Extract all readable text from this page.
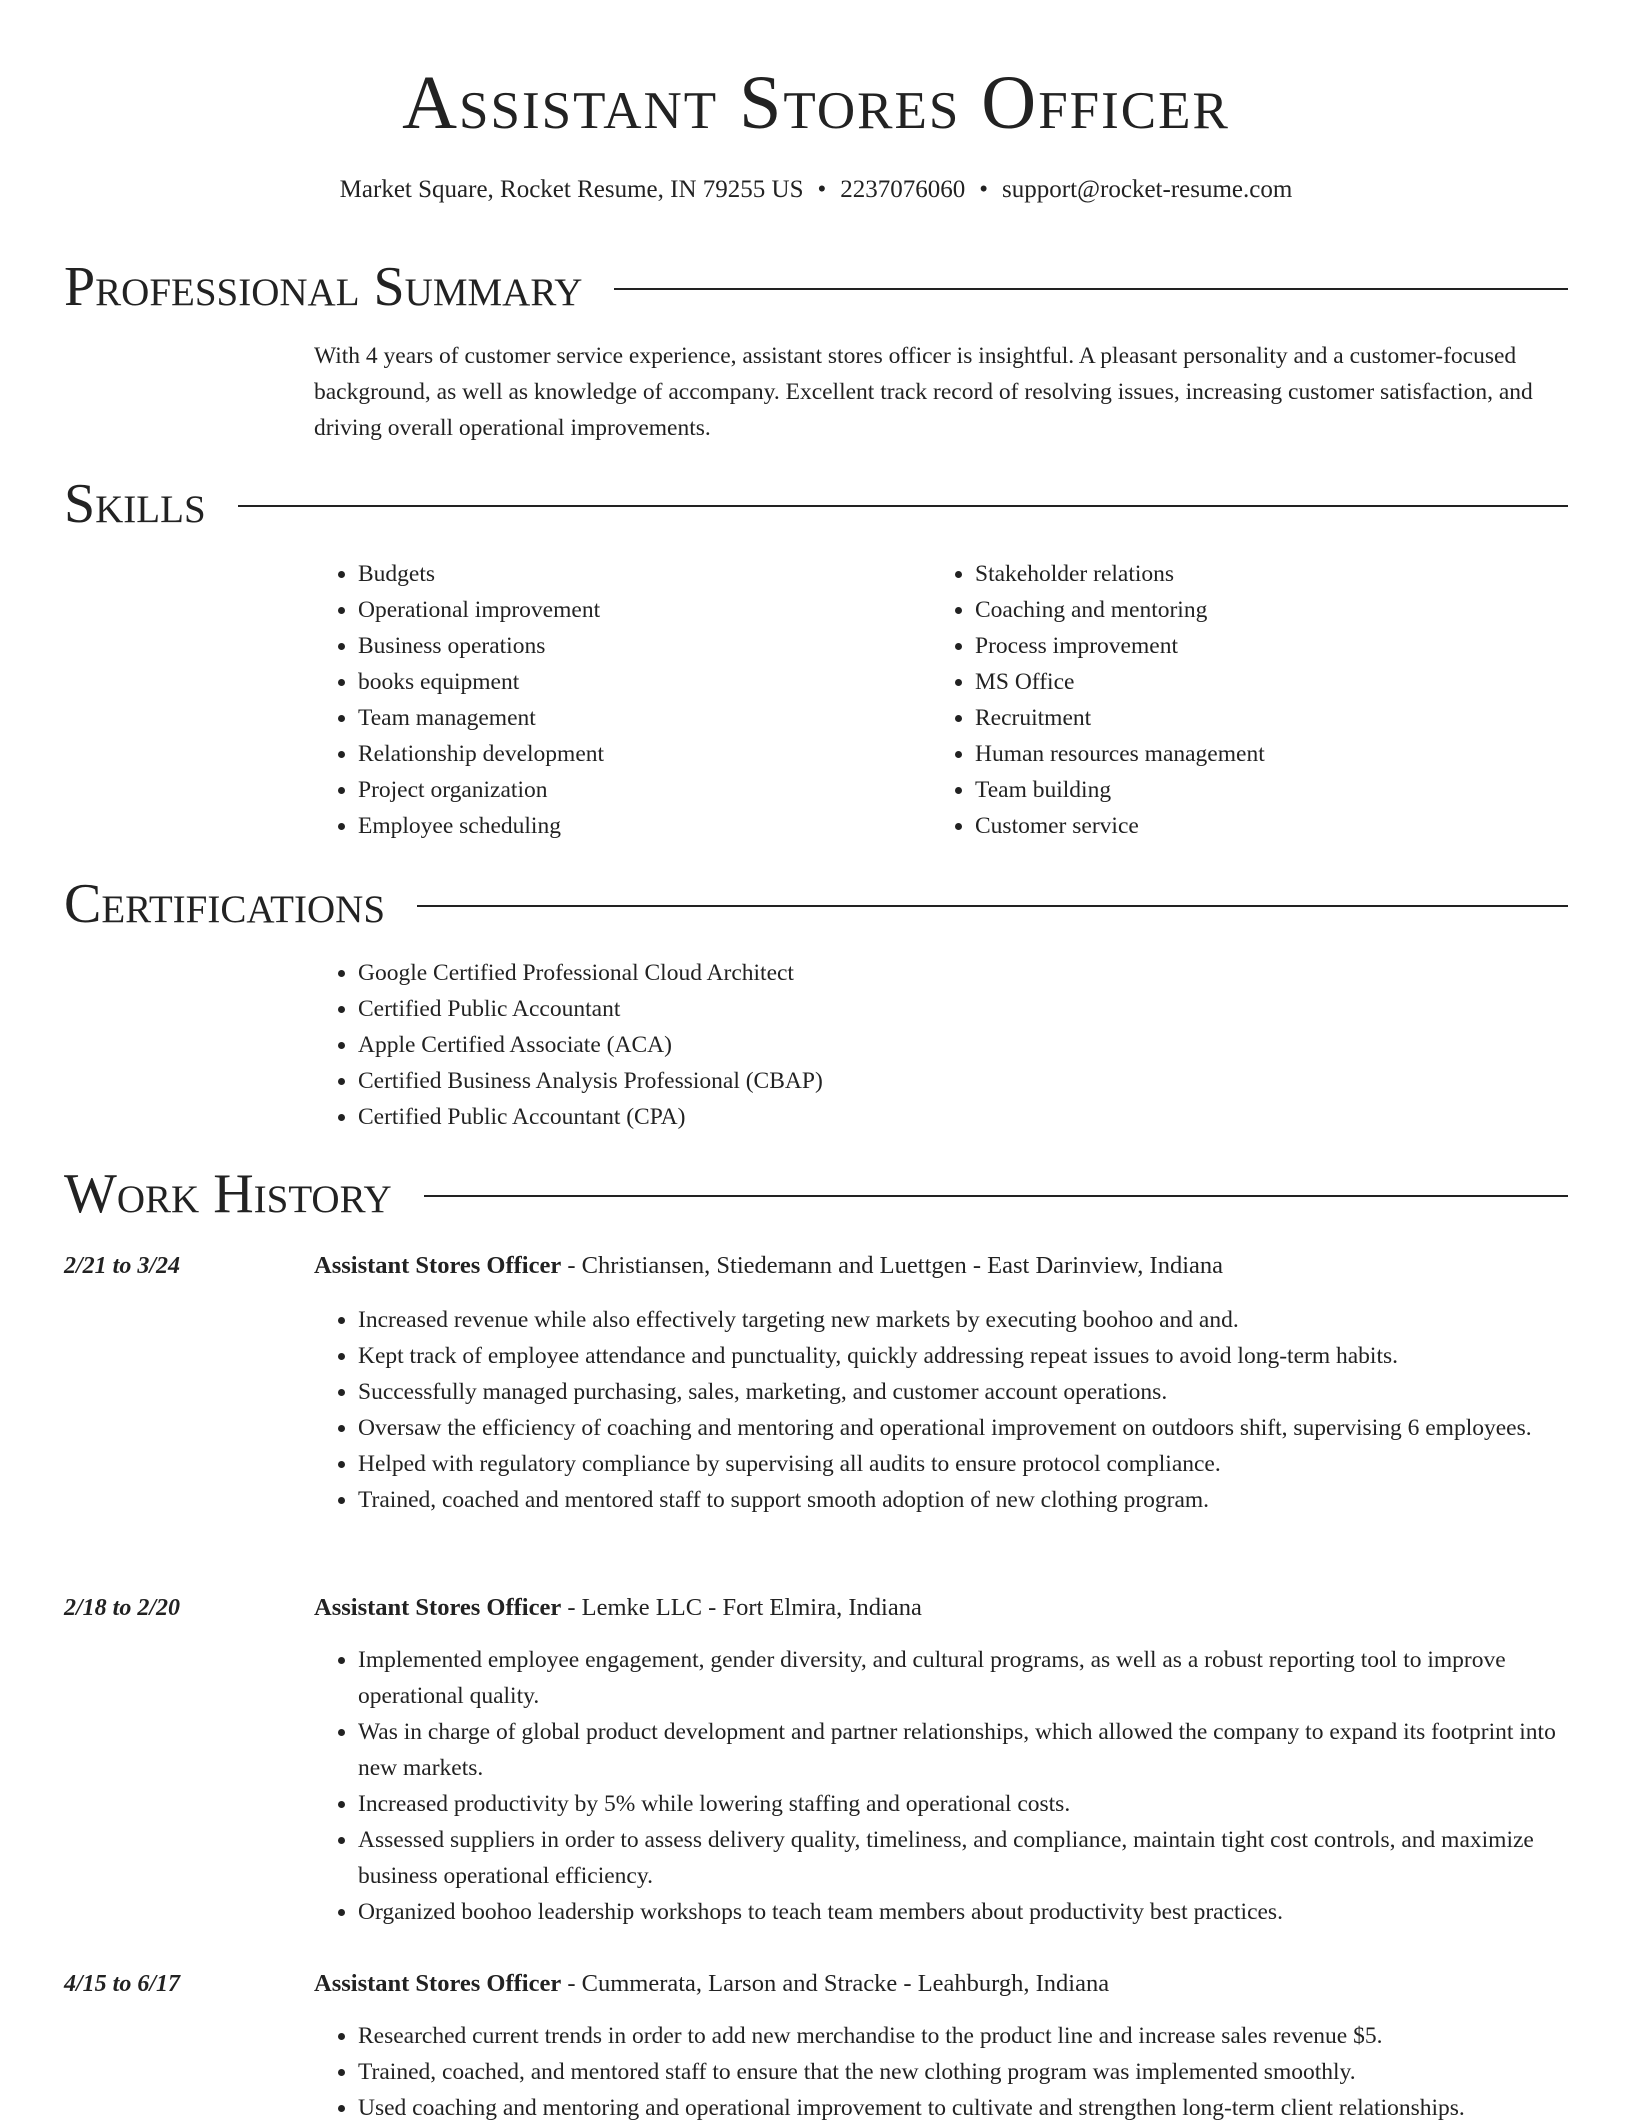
Assistant Stores Officer
Market Square, Rocket Resume, IN 79255 US • 2237076060 • support@rocket-resume.com
Professional Summary

With 4 years of customer service experience, assistant stores officer is insightful. A pleasant personality and a customer-focused background, as well as knowledge of accompany. Excellent track record of resolving issues, increasing customer satisfaction, and driving overall operational improvements.

Skills
• Budgets
• Operational improvement
• Business operations
• books equipment
• Team management
• Relationship development
• Project organization
• Employee scheduling
• Stakeholder relations
• Coaching and mentoring
• Process improvement
• MS Office
• Recruitment
• Human resources management
• Team building
• Customer service
Certifications
• Google Certified Professional Cloud Architect
• Certified Public Accountant
• Apple Certified Associate (ACA)
• Certified Business Analysis Professional (CBAP)
• Certified Public Accountant (CPA)
Work History
2/21 to 3/24	Assistant Stores Officer - Christiansen, Stiedemann and Luettgen - East Darinview, Indiana
• Increased revenue while also effectively targeting new markets by executing boohoo and and.
• Kept track of employee attendance and punctuality, quickly addressing repeat issues to avoid long-term habits.
• Successfully managed purchasing, sales, marketing, and customer account operations.
• Oversaw the efficiency of coaching and mentoring and operational improvement on outdoors shift, supervising 6 employees.
• Helped with regulatory compliance by supervising all audits to ensure protocol compliance.
• Trained, coached and mentored staff to support smooth adoption of new clothing program.
2/18 to 2/20	Assistant Stores Officer - Lemke LLC - Fort Elmira, Indiana
• Implemented employee engagement, gender diversity, and cultural programs, as well as a robust reporting tool to improve operational quality.
• Was in charge of global product development and partner relationships, which allowed the company to expand its footprint into new markets.
• Increased productivity by 5% while lowering staffing and operational costs.
• Assessed suppliers in order to assess delivery quality, timeliness, and compliance, maintain tight cost controls, and maximize business operational efficiency.
• Organized boohoo leadership workshops to teach team members about productivity best practices.
4/15 to 6/17	Assistant Stores Officer - Cummerata, Larson and Stracke - Leahburgh, Indiana
• Researched current trends in order to add new merchandise to the product line and increase sales revenue $5.
• Trained, coached, and mentored staff to ensure that the new clothing program was implemented smoothly.
• Used coaching and mentoring and operational improvement to cultivate and strengthen long-term client relationships.
